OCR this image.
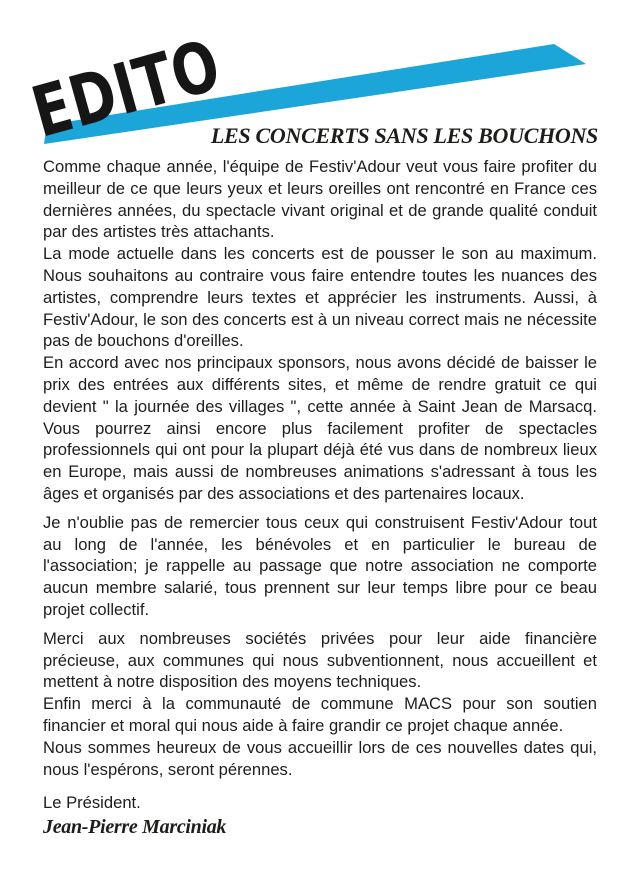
EDITO
LES CONCERTS SANS LES BOUCHONS

Comme chaque année, l'équipe de Festiv'Adour veut vous faire profiter du meilleur de ce que leurs yeux et leurs oreilles ont rencontré en France ces dernières années, du spectacle vivant original et de grande qualité conduit par des artistes très attachants.

La mode actuelle dans les concerts est de pousser le son au maximum. Nous souhaitons au contraire vous faire entendre toutes les nuances des artistes, comprendre leurs textes et apprécier les instruments. Aussi, à Festiv'Adour, le son des concerts est à un niveau correct mais ne nécessite pas de bouchons d'oreilles.

En accord avec nos principaux sponsors, nous avons décidé de baisser le prix des entrées aux différents sites, et même de rendre gratuit ce qui devient " la journée des villages ", cette année à Saint Jean de Marsacq. Vous pourrez ainsi encore plus facilement profiter de spectacles professionnels qui ont pour la plupart déjà été vus dans de nombreux lieux en Europe, mais aussi de nombreuses animations s'adressant à tous les âges et organisés par des associations et des partenaires locaux.

Je n'oublie pas de remercier tous ceux qui construisent Festiv'Adour tout au long de l'année, les bénévoles et en particulier le bureau de l'association; je rappelle au passage que notre association ne comporte aucun membre salarié, tous prennent sur leur temps libre pour ce beau projet collectif.

Merci aux nombreuses sociétés privées pour leur aide financière précieuse, aux communes qui nous subventionnent, nous accueillent et mettent à notre disposition des moyens techniques.

Enfin merci à la communauté de commune MACS pour son soutien financier et moral qui nous aide à faire grandir ce projet chaque année.

Nous sommes heureux de vous accueillir lors de ces nouvelles dates qui, nous l'espérons, seront pérennes.

Le Président.

Jean-Pierre Marciniak
